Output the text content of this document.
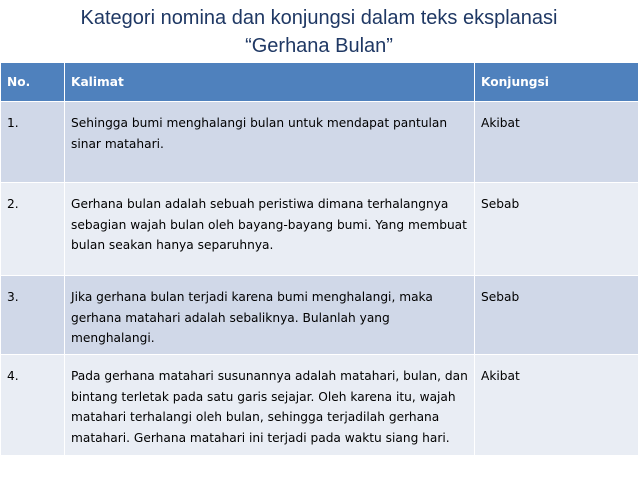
Kategori nomina dan konjungsi dalam teks eksplanasi
“Gerhana Bulan”
No.	Kalimat	Konjungsi

1.	Sehingga bumi menghalangi bulan untuk mendapat pantulan sinar matahari.	Akibat

2.	Gerhana bulan adalah sebuah peristiwa dimana terhalangnya sebagian wajah bulan oleh bayang-bayang bumi. Yang membuat bulan seakan hanya separuhnya.	Sebab

3.	Jika gerhana bulan terjadi karena bumi menghalangi, maka gerhana matahari adalah sebaliknya. Bulanlah yang menghalangi.	Sebab

4.	Pada gerhana matahari susunannya adalah matahari, bulan, dan bintang terletak pada satu garis sejajar. Oleh karena itu, wajah matahari terhalangi oleh bulan, sehingga terjadilah gerhana matahari. Gerhana matahari ini terjadi pada waktu siang hari.	Akibat
